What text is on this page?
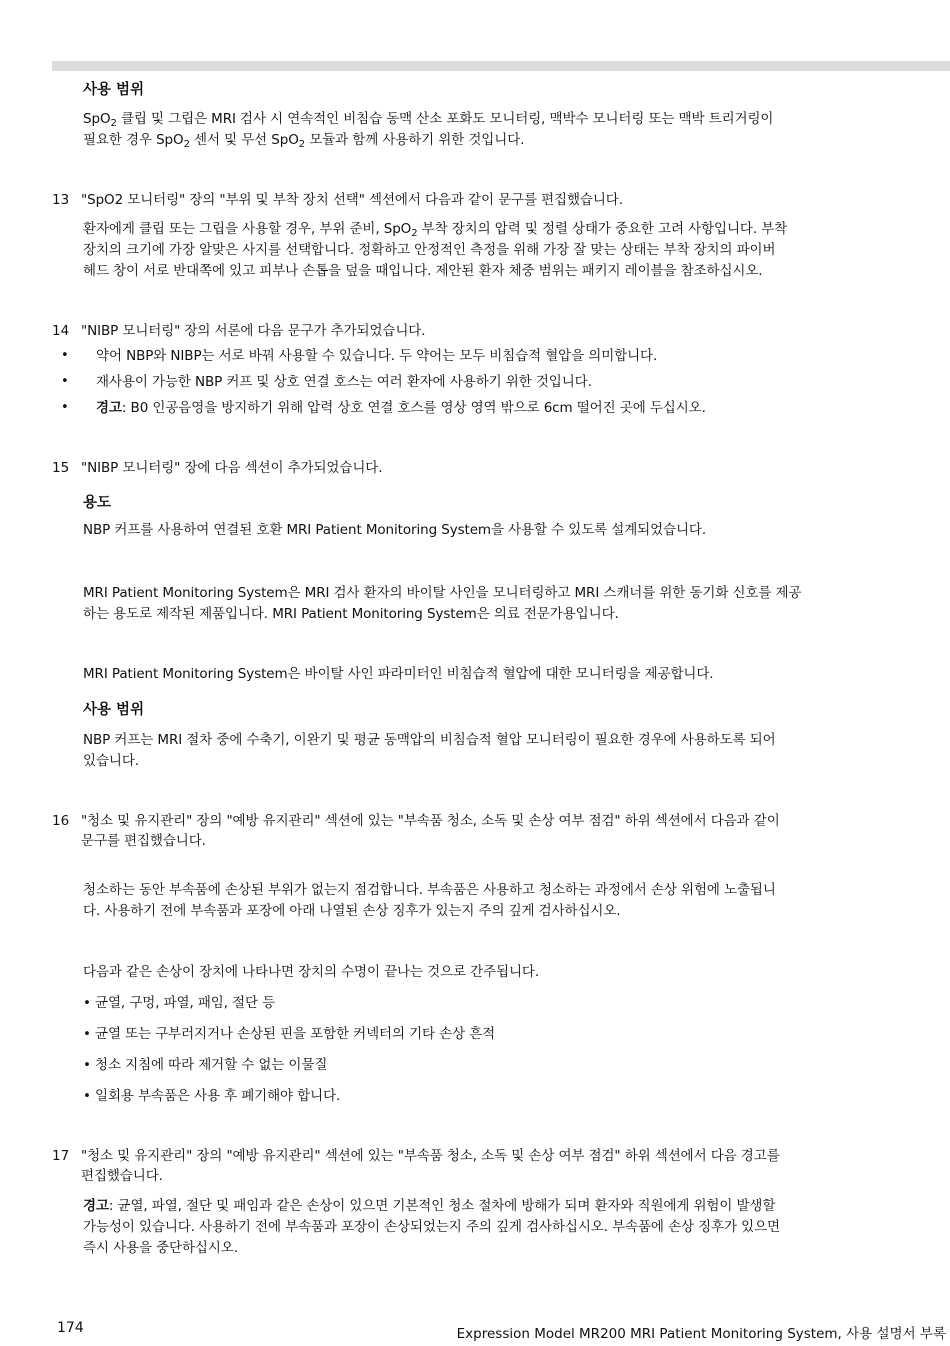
사용 범위
SpO$_2$ 클립 및 그립은 MRI 검사 시 연속적인 비침습 동맥 산소 포화도 모니터링, 맥박수 모니터링 또는 맥박 트리거링이
필요한 경우 SpO$_2$ 센서 및 무선 SpO$_2$ 모듈과 함께 사용하기 위한 것입니다.
13 "SpO2 모니터링" 장의 "부위 및 부착 장치 선택" 섹션에서 다음과 같이 문구를 편집했습니다.
환자에게 클립 또는 그립을 사용할 경우, 부위 준비, SpO$_2$ 부착 장치의 압력 및 정렬 상태가 중요한 고려 사항입니다. 부착
장치의 크기에 가장 알맞은 사지를 선택합니다. 정확하고 안정적인 측정을 위해 가장 잘 맞는 상태는 부착 장치의 파이버
헤드 창이 서로 반대쪽에 있고 피부나 손톱을 덮을 때입니다. 제안된 환자 체중 범위는 패키지 레이블을 참조하십시오.
14 "NIBP 모니터링" 장의 서론에 다음 문구가 추가되었습니다.
• 약어 NBP와 NIBP는 서로 바꿔 사용할 수 있습니다. 두 약어는 모두 비침습적 혈압을 의미합니다.
• 재사용이 가능한 NBP 커프 및 상호 연결 호스는 여러 환자에 사용하기 위한 것입니다.
• 경고: B0 인공음영을 방지하기 위해 압력 상호 연결 호스를 영상 영역 밖으로 6cm 떨어진 곳에 두십시오.
15 "NIBP 모니터링" 장에 다음 섹션이 추가되었습니다.
용도
NBP 커프를 사용하여 연결된 호환 MRI Patient Monitoring System을 사용할 수 있도록 설계되었습니다.
MRI Patient Monitoring System은 MRI 검사 환자의 바이탈 사인을 모니터링하고 MRI 스캐너를 위한 동기화 신호를 제공
하는 용도로 제작된 제품입니다. MRI Patient Monitoring System은 의료 전문가용입니다.
MRI Patient Monitoring System은 바이탈 사인 파라미터인 비침습적 혈압에 대한 모니터링을 제공합니다.
사용 범위
NBP 커프는 MRI 절차 중에 수축기, 이완기 및 평균 동맥압의 비침습적 혈압 모니터링이 필요한 경우에 사용하도록 되어
있습니다.
16 "청소 및 유지관리" 장의 "예방 유지관리" 섹션에 있는 "부속품 청소, 소독 및 손상 여부 점검" 하위 섹션에서 다음과 같이
문구를 편집했습니다.
청소하는 동안 부속품에 손상된 부위가 없는지 점검합니다. 부속품은 사용하고 청소하는 과정에서 손상 위험에 노출됩니
다. 사용하기 전에 부속품과 포장에 아래 나열된 손상 징후가 있는지 주의 깊게 검사하십시오.
다음과 같은 손상이 장치에 나타나면 장치의 수명이 끝나는 것으로 간주됩니다.
• 균열, 구멍, 파열, 패임, 절단 등
• 균열 또는 구부러지거나 손상된 핀을 포함한 커넥터의 기타 손상 흔적
• 청소 지침에 따라 제거할 수 없는 이물질
• 일회용 부속품은 사용 후 폐기해야 합니다.
17 "청소 및 유지관리" 장의 "예방 유지관리" 섹션에 있는 "부속품 청소, 소독 및 손상 여부 점검" 하위 섹션에서 다음 경고를
편집했습니다.
경고: 균열, 파열, 절단 및 패임과 같은 손상이 있으면 기본적인 청소 절차에 방해가 되며 환자와 직원에게 위험이 발생할
가능성이 있습니다. 사용하기 전에 부속품과 포장이 손상되었는지 주의 깊게 검사하십시오. 부속품에 손상 징후가 있으면
즉시 사용을 중단하십시오.
174	Expression Model MR200 MRI Patient Monitoring System, 사용 설명서 부록
